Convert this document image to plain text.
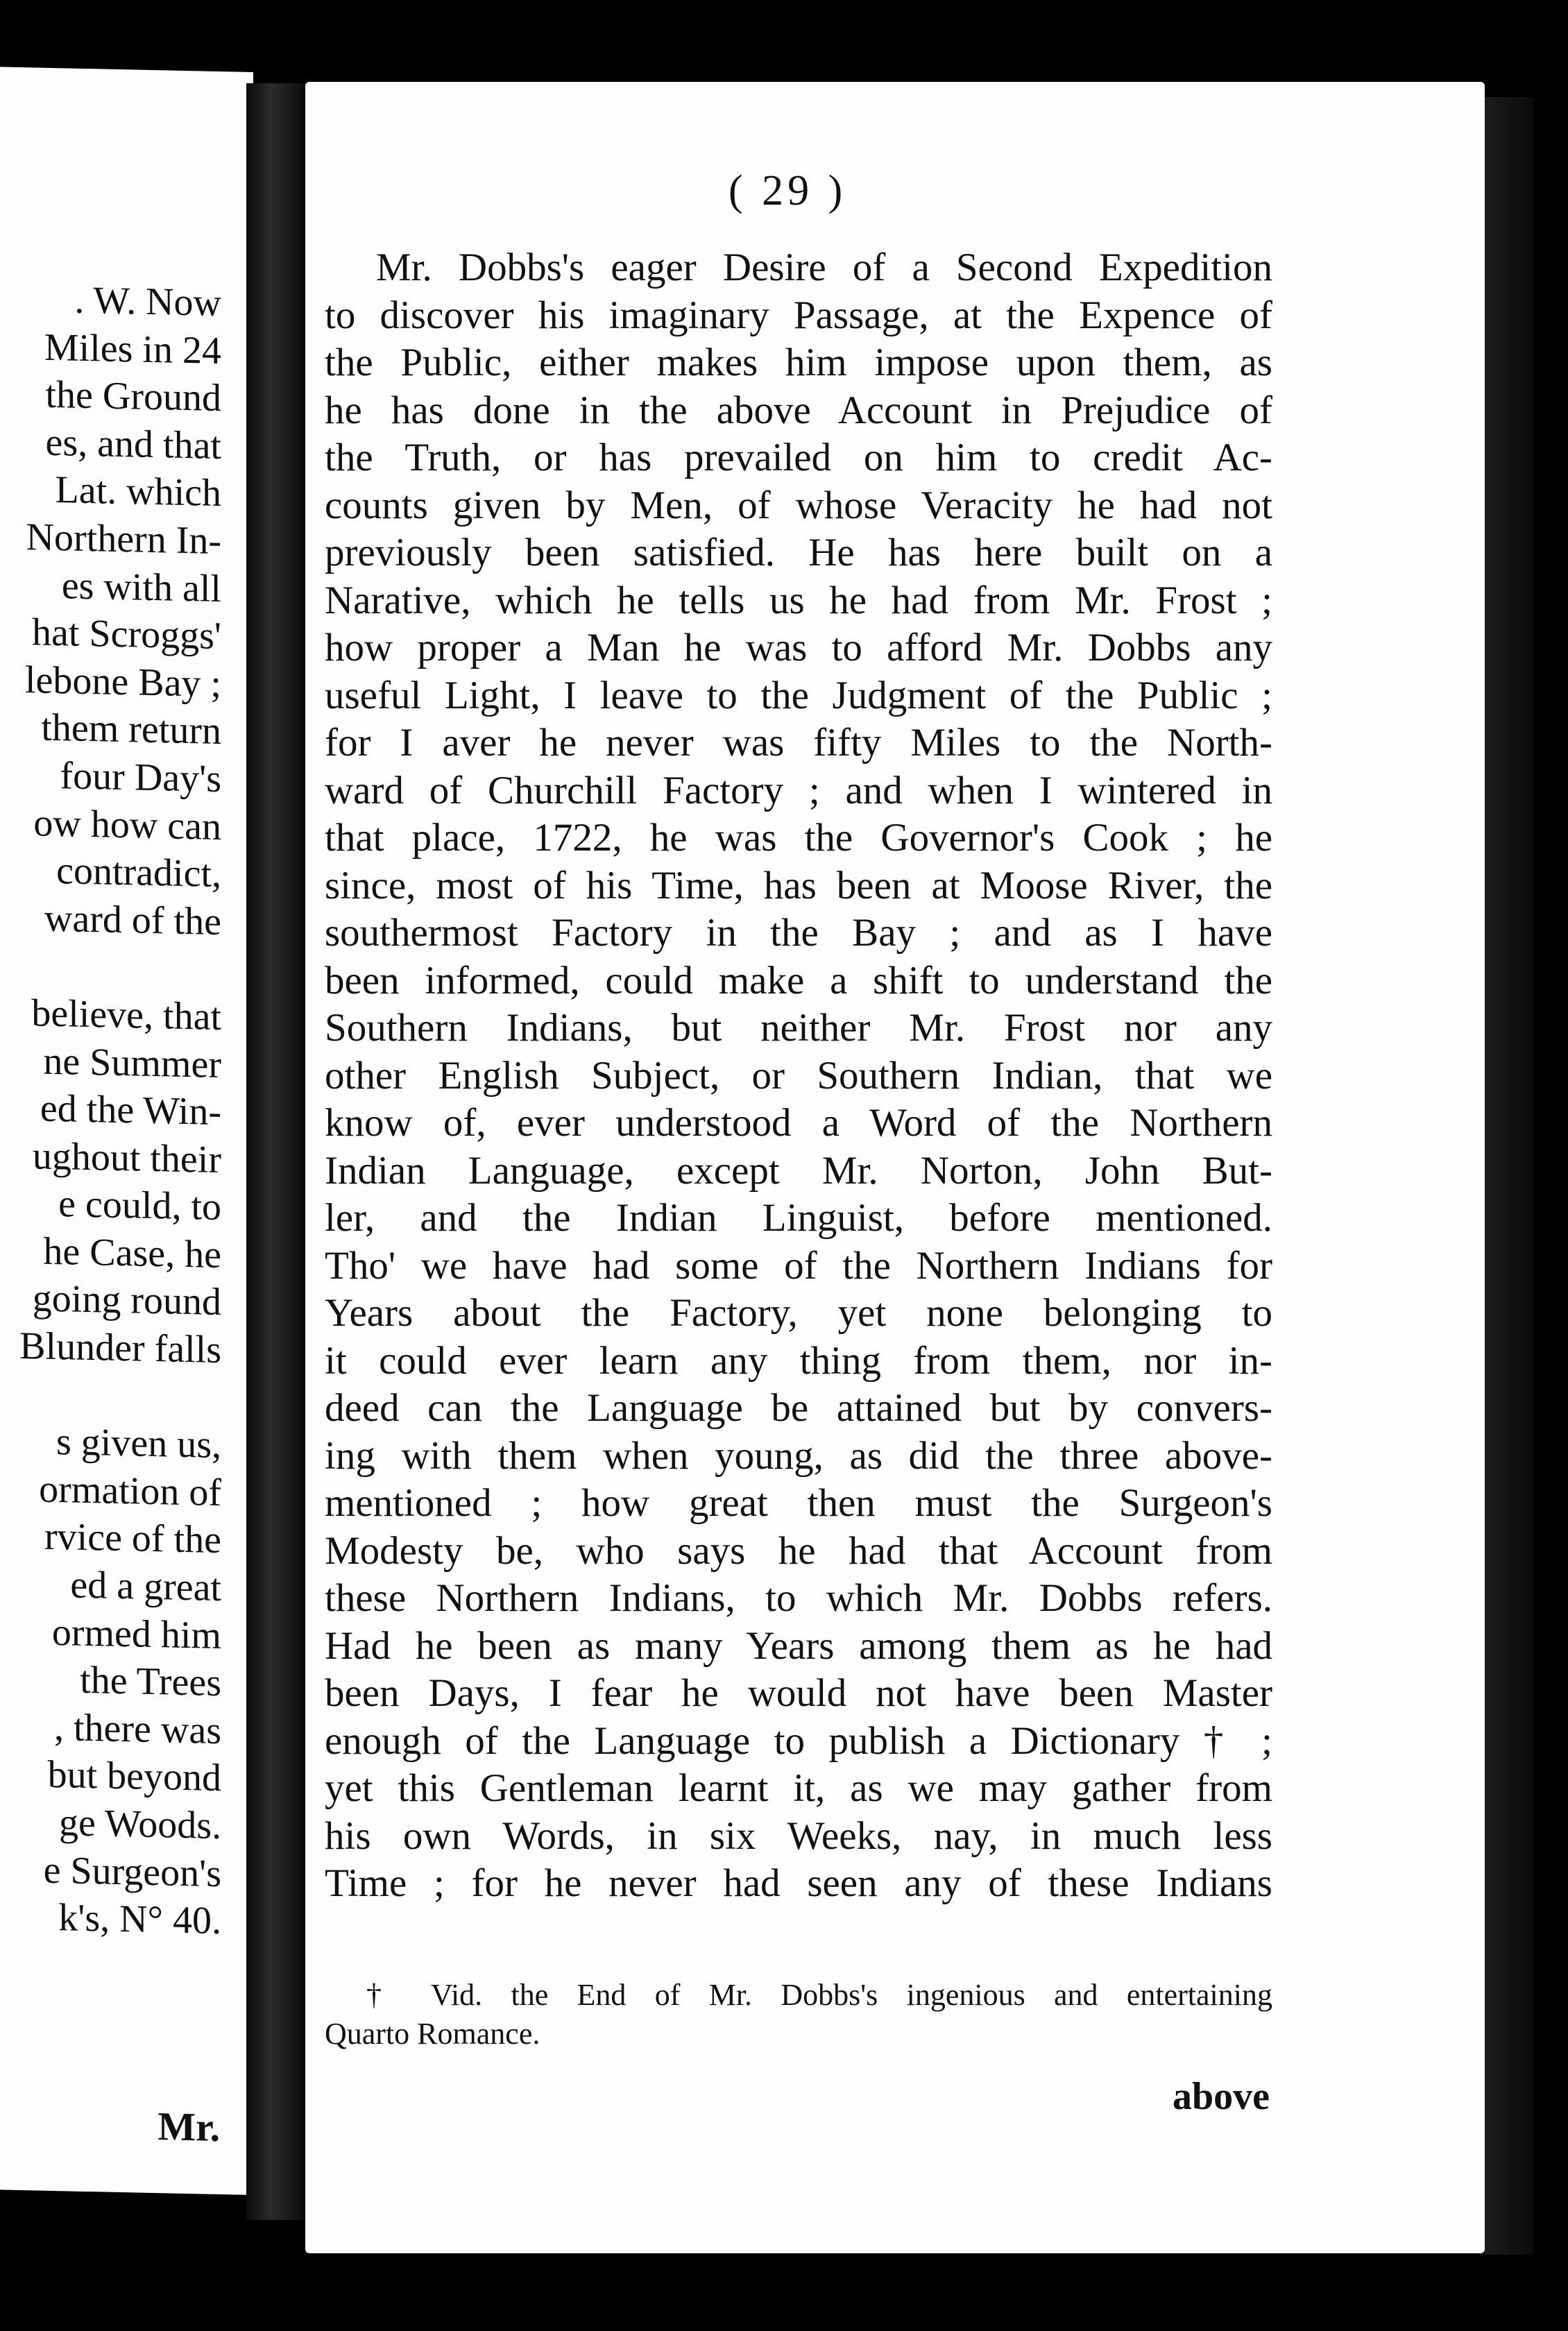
. W. Now
Miles in 24
the Ground
es, and that
Lat. which
Northern In-
es with all
hat Scroggs'
lebone Bay ;
them return
four Day's
ow how can
contradict,
ward of the

believe, that
ne Summer
ed the Win-
ughout their
e could, to
he Case, he
going round
Blunder falls

s given us,
ormation of
rvice of the
ed a great
ormed him
the Trees
, there was
but beyond
ge Woods.
e Surgeon's
k's, N° 40.
Mr.
( 29 )
Mr. Dobbs's eager Desire of a Second Expedition
to discover his imaginary Passage, at the Expence of
the Public, either makes him impose upon them, as
he has done in the above Account in Prejudice of
the Truth, or has prevailed on him to credit Ac-
counts given by Men, of whose Veracity he had not
previously been satisfied. He has here built on a
Narative, which he tells us he had from Mr. Frost ;
how proper a Man he was to afford Mr. Dobbs any
useful Light, I leave to the Judgment of the Public ;
for I aver he never was fifty Miles to the North-
ward of Churchill Factory ; and when I wintered in
that place, 1722, he was the Governor's Cook ; he
since, most of his Time, has been at Moose River, the
southermost Factory in the Bay ; and as I have
been informed, could make a shift to understand the
Southern Indians, but neither Mr. Frost nor any
other English Subject, or Southern Indian, that we
know of, ever understood a Word of the Northern
Indian Language, except Mr. Norton, John But-
ler, and the Indian Linguist, before mentioned.
Tho' we have had some of the Northern Indians for
Years about the Factory, yet none belonging to
it could ever learn any thing from them, nor in-
deed can the Language be attained but by convers-
ing with them when young, as did the three above-
mentioned ; how great then must the Surgeon's
Modesty be, who says he had that Account from
these Northern Indians, to which Mr. Dobbs refers.
Had he been as many Years among them as he had
been Days, I fear he would not have been Master
enough of the Language to publish a Dictionary † ;
yet this Gentleman learnt it, as we may gather from
his own Words, in six Weeks, nay, in much less
Time ; for he never had seen any of these Indians
† Vid. the End of Mr. Dobbs's ingenious and entertaining
Quarto Romance.
above
